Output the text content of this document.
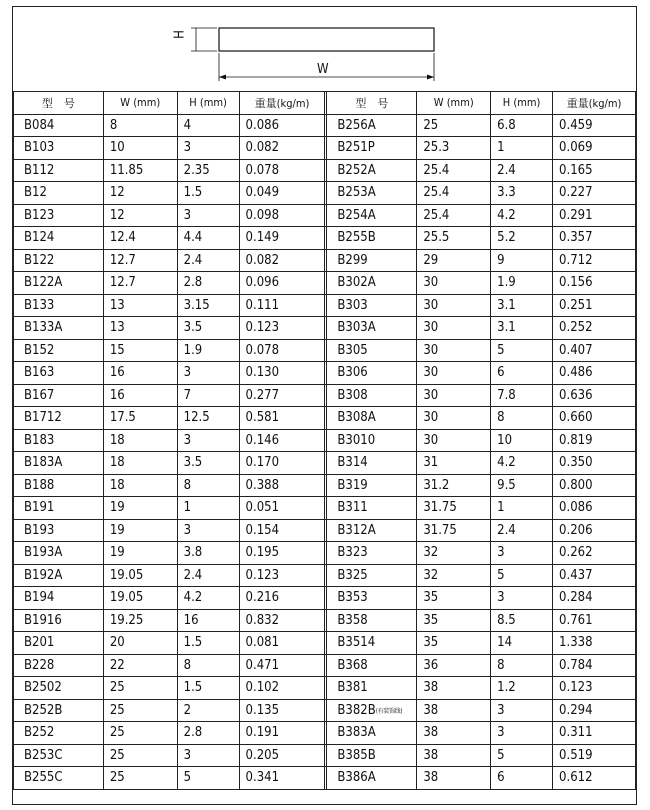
H
W
型　号	W (mm)	H (mm)	重量(kg/m)		型　号	W (mm)	H (mm)	重量(kg/m)
B084	8	4	0.086		B256A	25	6.8	0.459
B103	10	3	0.082		B251P	25.3	1	0.069
B112	11.85	2.35	0.078		B252A	25.4	2.4	0.165
B12	12	1.5	0.049		B253A	25.4	3.3	0.227
B123	12	3	0.098		B254A	25.4	4.2	0.291
B124	12.4	4.4	0.149		B255B	25.5	5.2	0.357
B122	12.7	2.4	0.082		B299	29	9	0.712
B122A	12.7	2.8	0.096		B302A	30	1.9	0.156
B133	13	3.15	0.111		B303	30	3.1	0.251
B133A	13	3.5	0.123		B303A	30	3.1	0.252
B152	15	1.9	0.078		B305	30	5	0.407
B163	16	3	0.130		B306	30	6	0.486
B167	16	7	0.277		B308	30	7.8	0.636
B1712	17.5	12.5	0.581		B308A	30	8	0.660
B183	18	3	0.146		B3010	30	10	0.819
B183A	18	3.5	0.170		B314	31	4.2	0.350
B188	18	8	0.388		B319	31.2	9.5	0.800
B191	19	1	0.051		B311	31.75	1	0.086
B193	19	3	0.154		B312A	31.75	2.4	0.206
B193A	19	3.8	0.195		B323	32	3	0.262
B192A	19.05	2.4	0.123		B325	32	5	0.437
B194	19.05	4.2	0.216		B353	35	3	0.284
B1916	19.25	16	0.832		B358	35	8.5	0.761
B201	20	1.5	0.081		B3514	35	14	1.338
B228	22	8	0.471		B368	36	8	0.784
B2502	25	1.5	0.102		B381	38	1.2	0.123
B252B	25	2	0.135		B382B(有装饰线)	38	3	0.294
B252	25	2.8	0.191		B383A	38	3	0.311
B253C	25	3	0.205		B385B	38	5	0.519
B255C	25	5	0.341		B386A	38	6	0.612
